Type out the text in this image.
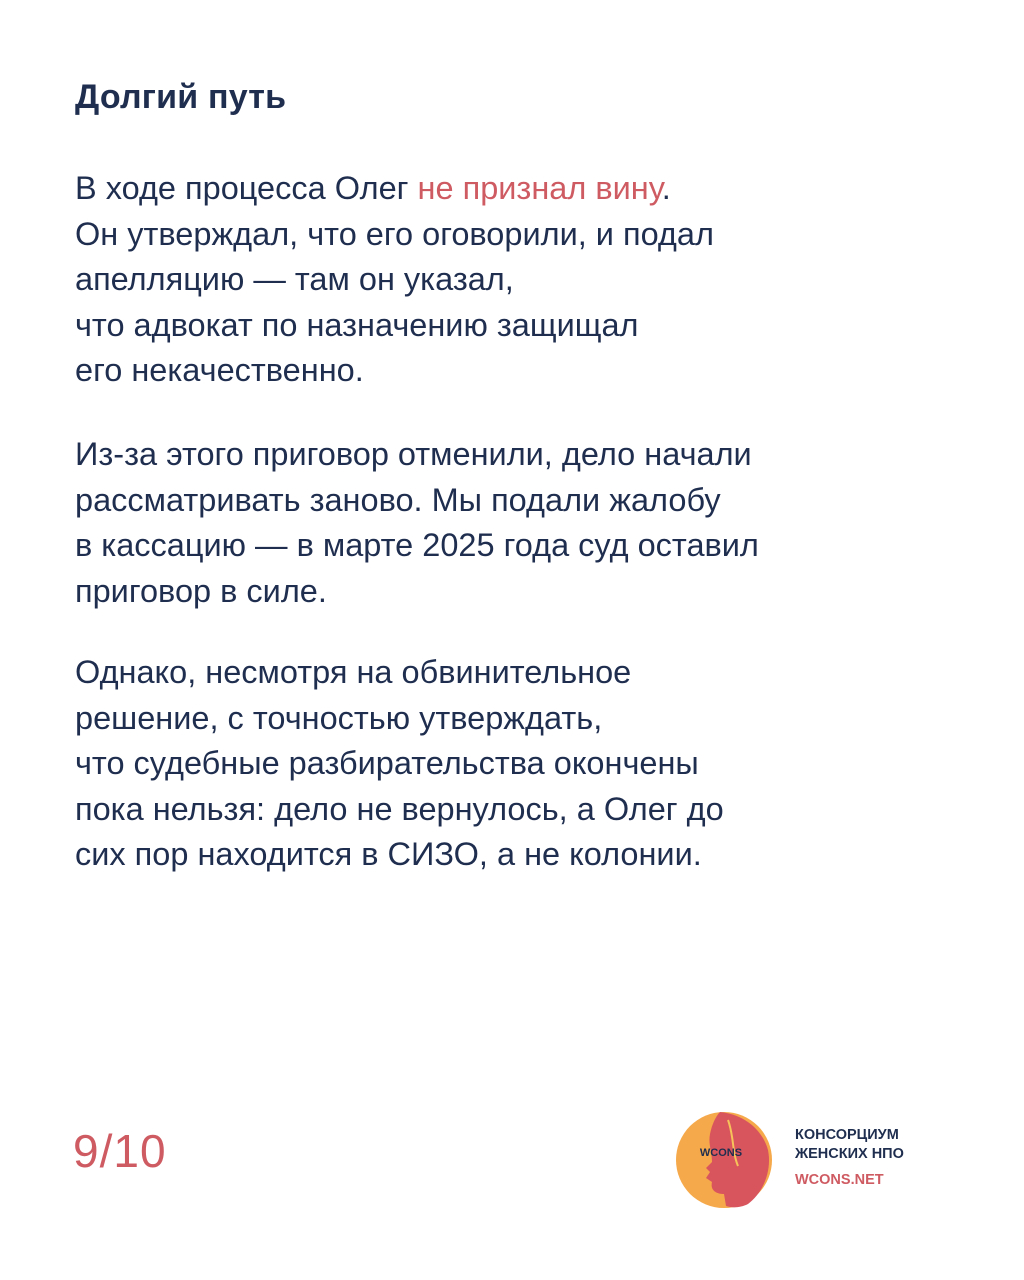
Долгий путь
В ходе процесса Олег не признал вину.
Он утверждал, что его оговорили, и подал
апелляцию — там он указал,
что адвокат по назначению защищал
его некачественно.
Из-за этого приговор отменили, дело начали
рассматривать заново. Мы подали жалобу
в кассацию — в марте 2025 года суд оставил
приговор в силе.
Однако, несмотря на обвинительное
решение, с точностью утверждать,
что судебные разбирательства окончены
пока нельзя: дело не вернулось, а Олег до
сих пор находится в СИЗО, а не колонии.
9/10	WCONS
КОНСОРЦИУМ
ЖЕНСКИХ НПО
WCONS.NET
